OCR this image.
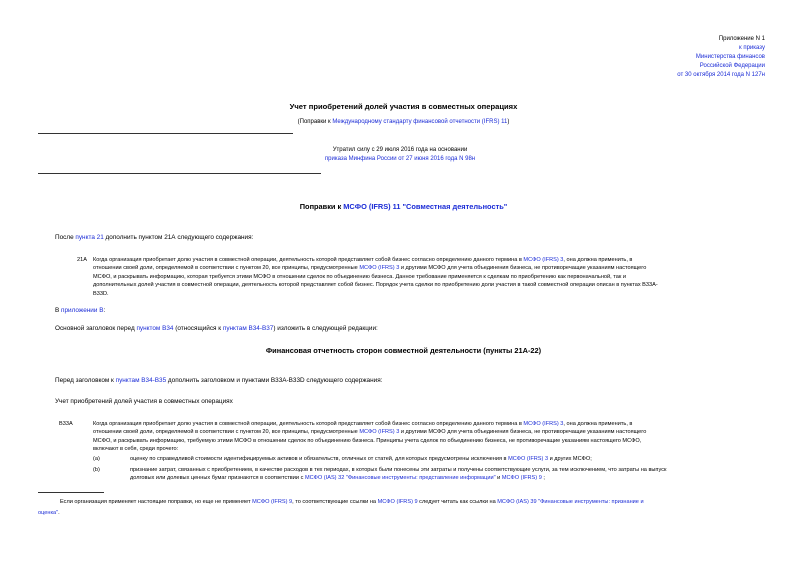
Приложение N 1
к приказу
Министерства финансов
Российской Федерации
от 30 октября 2014 года N 127н
Учет приобретений долей участия в совместных операциях
(Поправки к Международному стандарту финансовой отчетности (IFRS) 11)
Утратил силу с 29 июля 2016 года на основании
приказа Минфина России от 27 июня 2016 года N 98н
Поправки к МСФО (IFRS) 11 "Совместная деятельность"
После пункта 21 дополнить пунктом 21А следующего содержания:
21A Когда организация приобретает долю участия в совместной операции, деятельность которой представляет собой бизнес согласно определению данного термина в МСФО (IFRS) 3, она должна применить, в
отношении своей доли, определяемой в соответствии с пунктом 20, все принципы, предусмотренные МСФО (IFRS) 3 и другими МСФО для учета объединения бизнеса, не противоречащие указаниям настоящего
МСФО, и раскрывать информацию, которая требуется этими МСФО в отношении сделок по объединению бизнеса. Данное требование применяется к сделкам по приобретению как первоначальной, так и
дополнительных долей участия в совместной операции, деятельность которой представляет собой бизнес. Порядок учета сделки по приобретению доли участия в такой совместной операции описан в пунктах B33A-
B33D.
В приложении В:
Основной заголовок перед пунктом B34 (относящийся к пунктам B34-B37) изложить в следующей редакции:
Финансовая отчетность сторон совместной деятельности (пункты 21А-22)
Перед заголовком к пунктам B34-B35 дополнить заголовком и пунктами B33A-B33D следующего содержания:
Учет приобретений долей участия в совместных операциях
B33A	Когда организация приобретает долю участия в совместной операции, деятельность которой представляет собой бизнес согласно определению данного термина в МСФО (IFRS) 3, она должна применить, в
отношении своей доли, определяемой в соответствии с пунктом 20, все принципы, предусмотренные МСФО (IFRS) 3 и другими МСФО для учета объединения бизнеса, не противоречащие указаниям настоящего
МСФО, и раскрывать информацию, требуемую этими МСФО в отношении сделок по объединению бизнеса. Принципы учета сделок по объединению бизнеса, не противоречащие указаниям настоящего МСФО,
включают в себя, среди прочего:
(a)	оценку по справедливой стоимости идентифицируемых активов и обязательств, отличных от статей, для которых предусмотрены исключения в МСФО (IFRS) 3 и других МСФО;
(b)	признание затрат, связанных с приобретением, в качестве расходов в тех периодах, в которых были понесены эти затраты и получены соответствующие услуги, за тем исключением, что затраты на выпуск
долговых или долевых ценных бумаг признаются в соответствии с МСФО (IAS) 32 "Финансовые инструменты: представление информации" и МСФО (IFRS) 9 ;
Если организация применяет настоящие поправки, но еще не применяет МСФО (IFRS) 9, то соответствующие ссылки на МСФО (IFRS) 9 следует читать как ссылки на МСФО (IAS) 39 "Финансовые инструменты: признание и
оценка".
